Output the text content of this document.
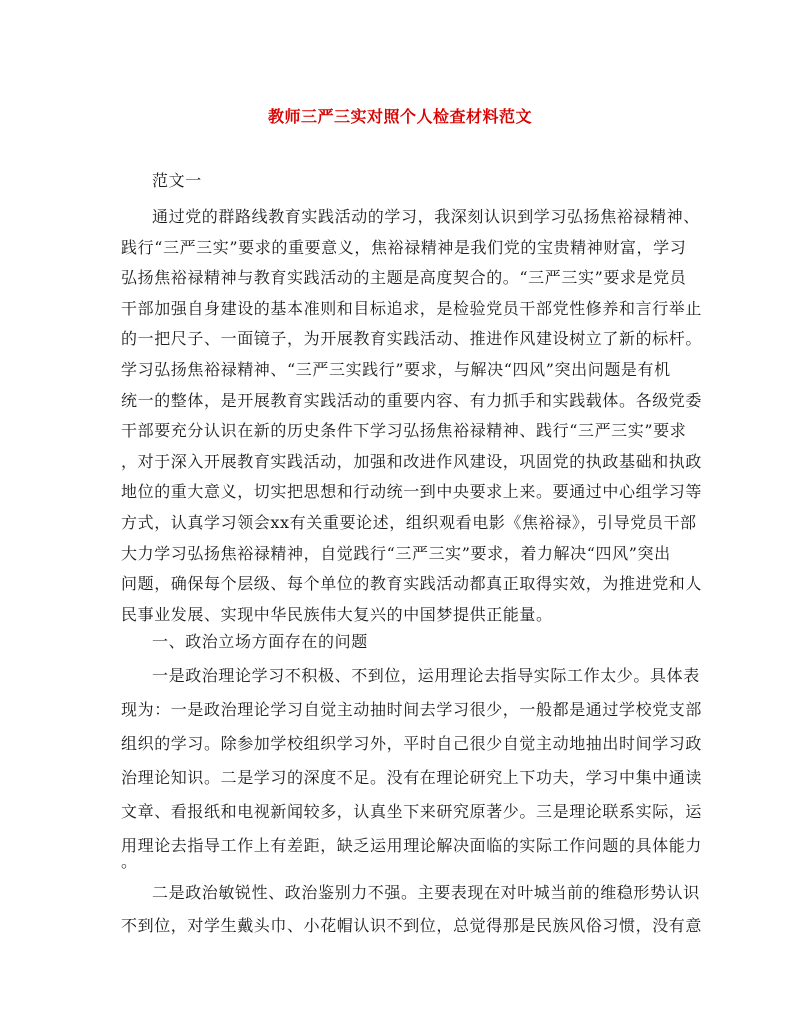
教师三严三实对照个人检查材料范文
范文一
通过党的群路线教育实践活动的学习，我深刻认识到学习弘扬焦裕禄精神、
践行“三严三实”要求的重要意义，焦裕禄精神是我们党的宝贵精神财富，学习
弘扬焦裕禄精神与教育实践活动的主题是高度契合的。“三严三实”要求是党员
干部加强自身建设的基本准则和目标追求，是检验党员干部党性修养和言行举止
的一把尺子、一面镜子，为开展教育实践活动、推进作风建设树立了新的标杆。
学习弘扬焦裕禄精神、“三严三实践行”要求，与解决“四风”突出问题是有机
统一的整体，是开展教育实践活动的重要内容、有力抓手和实践载体。各级党委
干部要充分认识在新的历史条件下学习弘扬焦裕禄精神、践行“三严三实”要求
，对于深入开展教育实践活动，加强和改进作风建设，巩固党的执政基础和执政
地位的重大意义，切实把思想和行动统一到中央要求上来。要通过中心组学习等
方式，认真学习领会xx有关重要论述，组织观看电影《焦裕禄》，引导党员干部
大力学习弘扬焦裕禄精神，自觉践行“三严三实”要求，着力解决“四风”突出
问题，确保每个层级、每个单位的教育实践活动都真正取得实效，为推进党和人
民事业发展、实现中华民族伟大复兴的中国梦提供正能量。
一、政治立场方面存在的问题
一是政治理论学习不积极、不到位，运用理论去指导实际工作太少。具体表
现为：一是政治理论学习自觉主动抽时间去学习很少，一般都是通过学校党支部
组织的学习。除参加学校组织学习外，平时自己很少自觉主动地抽出时间学习政
治理论知识。二是学习的深度不足。没有在理论研究上下功夫，学习中集中通读
文章、看报纸和电视新闻较多，认真坐下来研究原著少。三是理论联系实际，运
用理论去指导工作上有差距，缺乏运用理论解决面临的实际工作问题的具体能力
。
二是政治敏锐性、政治鉴别力不强。主要表现在对叶城当前的维稳形势认识
不到位，对学生戴头巾、小花帽认识不到位，总觉得那是民族风俗习惯，没有意
